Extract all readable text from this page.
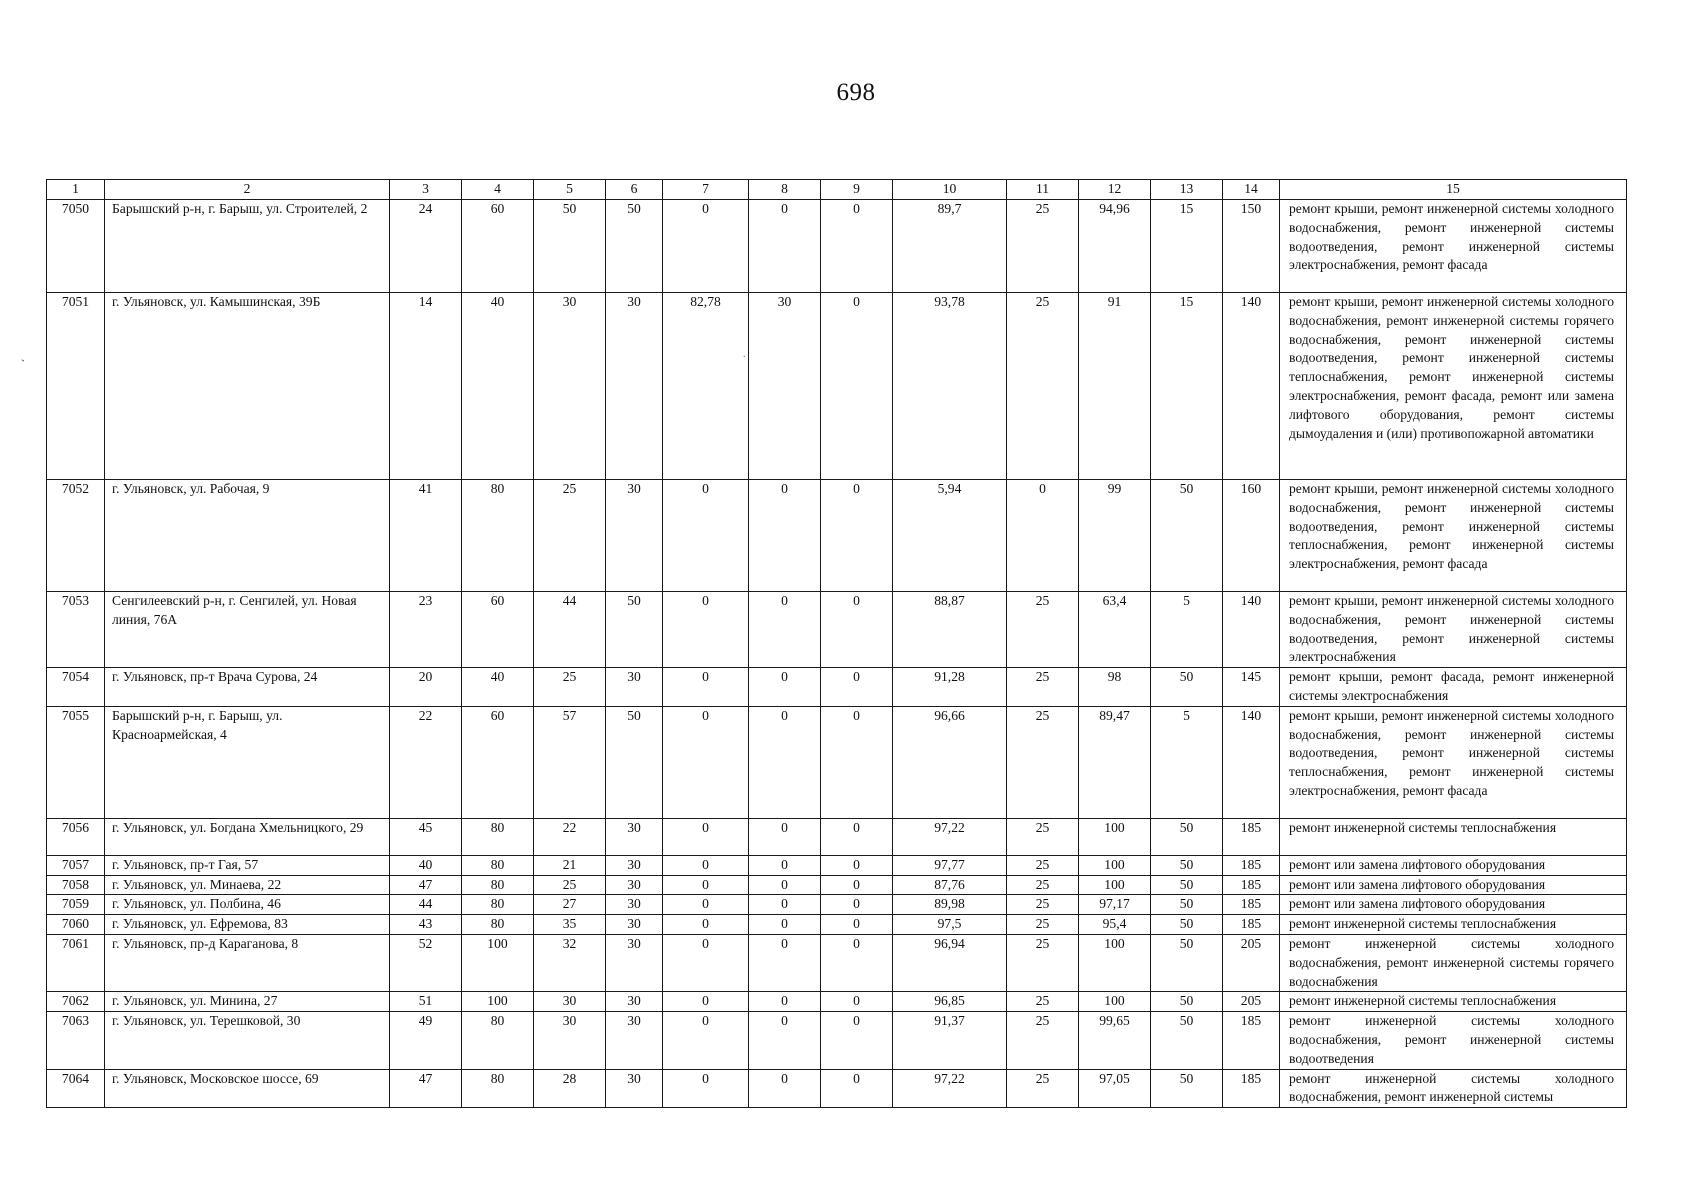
698
`
.
1	2	3	4	5	6	7	8	9	10	11	12	13	14	15
7050	Барышский р-н, г. Барыш, ул. Строителей, 2	24	60	50	50	0	0	0	89,7	25	94,96	15	150	ремонт крыши, ремонт инженерной системы холодного водоснабжения, ремонт инженерной системы водоотведения, ремонт инженерной системы электроснабжения, ремонт фасада
7051	г. Ульяновск, ул. Камышинская, 39Б	14	40	30	30	82,78	30	0	93,78	25	91	15	140	ремонт крыши, ремонт инженерной системы холодного водоснабжения, ремонт инженерной системы горячего водоснабжения, ремонт инженерной системы водоотведения, ремонт инженерной системы теплоснабжения, ремонт инженерной системы электроснабжения, ремонт фасада, ремонт или замена лифтового оборудования, ремонт системы дымоудаления и (или) противопожарной автоматики
7052	г. Ульяновск, ул. Рабочая, 9	41	80	25	30	0	0	0	5,94	0	99	50	160	ремонт крыши, ремонт инженерной системы холодного водоснабжения, ремонт инженерной системы водоотведения, ремонт инженерной системы теплоснабжения, ремонт инженерной системы электроснабжения, ремонт фасада
7053	Сенгилеевский р-н, г. Сенгилей, ул. Новая линия, 76А	23	60	44	50	0	0	0	88,87	25	63,4	5	140	ремонт крыши, ремонт инженерной системы холодного водоснабжения, ремонт инженерной системы водоотведения, ремонт инженерной системы электроснабжения
7054	г. Ульяновск, пр-т Врача Сурова, 24	20	40	25	30	0	0	0	91,28	25	98	50	145	ремонт крыши, ремонт фасада, ремонт инженерной системы электроснабжения
7055	Барышский р-н, г. Барыш, ул. Красноармейская, 4	22	60	57	50	0	0	0	96,66	25	89,47	5	140	ремонт крыши, ремонт инженерной системы холодного водоснабжения, ремонт инженерной системы водоотведения, ремонт инженерной системы теплоснабжения, ремонт инженерной системы электроснабжения, ремонт фасада
7056	г. Ульяновск, ул. Богдана Хмельницкого, 29	45	80	22	30	0	0	0	97,22	25	100	50	185	ремонт инженерной системы теплоснабжения
7057	г. Ульяновск, пр-т Гая, 57	40	80	21	30	0	0	0	97,77	25	100	50	185	ремонт или замена лифтового оборудования
7058	г. Ульяновск, ул. Минаева, 22	47	80	25	30	0	0	0	87,76	25	100	50	185	ремонт или замена лифтового оборудования
7059	г. Ульяновск, ул. Полбина, 46	44	80	27	30	0	0	0	89,98	25	97,17	50	185	ремонт или замена лифтового оборудования
7060	г. Ульяновск, ул. Ефремова, 83	43	80	35	30	0	0	0	97,5	25	95,4	50	185	ремонт инженерной системы теплоснабжения
7061	г. Ульяновск, пр-д Караганова, 8	52	100	32	30	0	0	0	96,94	25	100	50	205	ремонт инженерной системы холодного водоснабжения, ремонт инженерной системы горячего водоснабжения
7062	г. Ульяновск, ул. Минина, 27	51	100	30	30	0	0	0	96,85	25	100	50	205	ремонт инженерной системы теплоснабжения
7063	г. Ульяновск, ул. Терешковой, 30	49	80	30	30	0	0	0	91,37	25	99,65	50	185	ремонт инженерной системы холодного водоснабжения, ремонт инженерной системы водоотведения
7064	г. Ульяновск, Московское шоссе, 69	47	80	28	30	0	0	0	97,22	25	97,05	50	185	ремонт инженерной системы холодного водоснабжения, ремонт инженерной системы
